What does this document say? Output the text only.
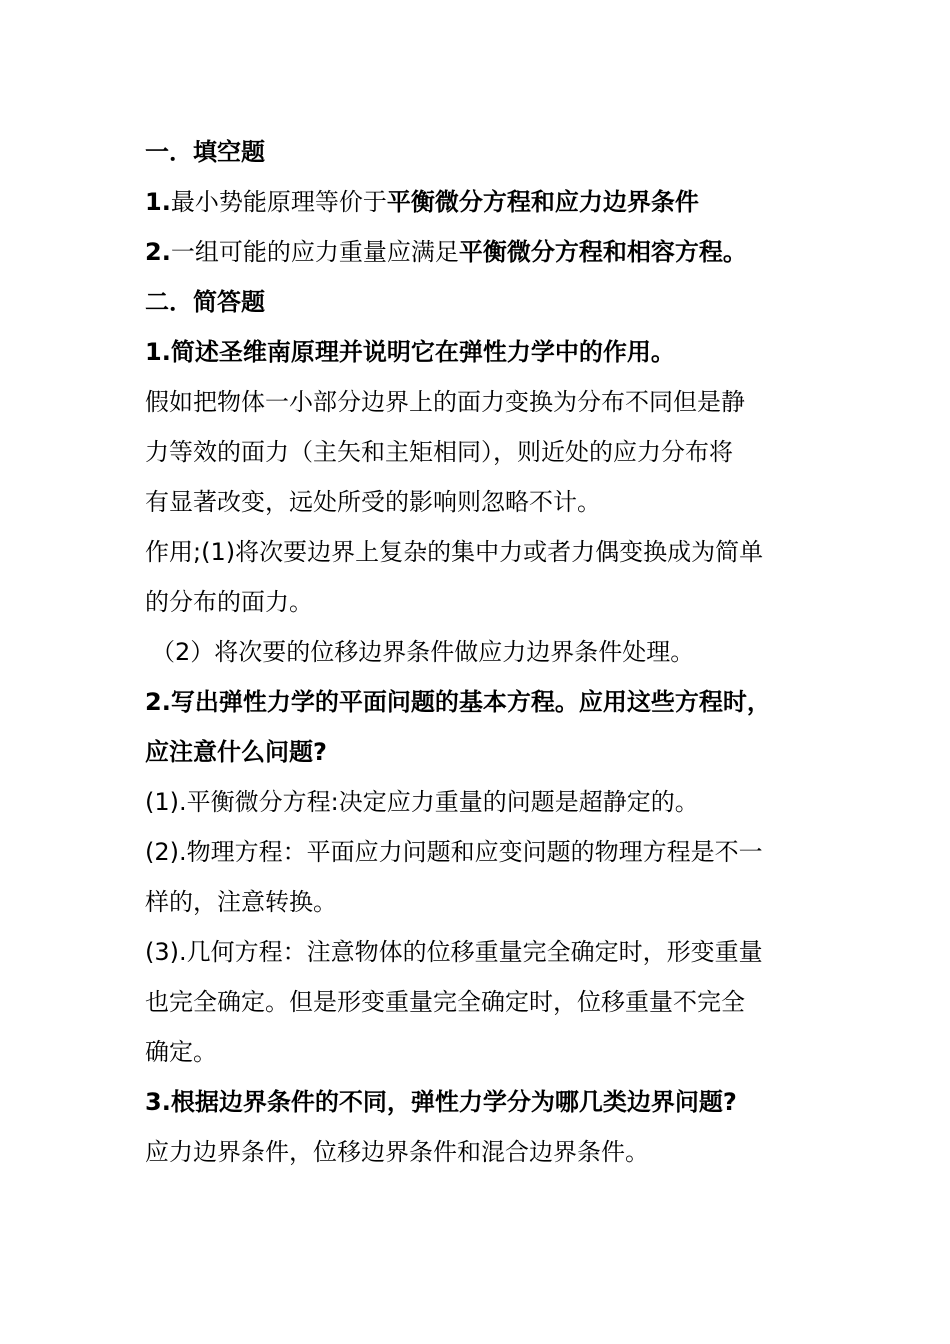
一．填空题
1.最小势能原理等价于平衡微分方程和应力边界条件
2.一组可能的应力重量应满足平衡微分方程和相容方程。
二．简答题
1.简述圣维南原理并说明它在弹性力学中的作用。
假如把物体一小部分边界上的面力变换为分布不同但是静
力等效的面力（主矢和主矩相同），则近处的应力分布将
有显著改变，远处所受的影响则忽略不计。
作用;(1)将次要边界上复杂的集中力或者力偶变换成为简单
的分布的面力。
（2）将次要的位移边界条件做应力边界条件处理。
2.写出弹性力学的平面问题的基本方程。应用这些方程时，
应注意什么问题?
(1).平衡微分方程:决定应力重量的问题是超静定的。
(2).物理方程：平面应力问题和应变问题的物理方程是不一
样的，注意转换。
(3).几何方程：注意物体的位移重量完全确定时，形变重量
也完全确定。但是形变重量完全确定时，位移重量不完全
确定。
3.根据边界条件的不同，弹性力学分为哪几类边界问题?
应力边界条件，位移边界条件和混合边界条件。
